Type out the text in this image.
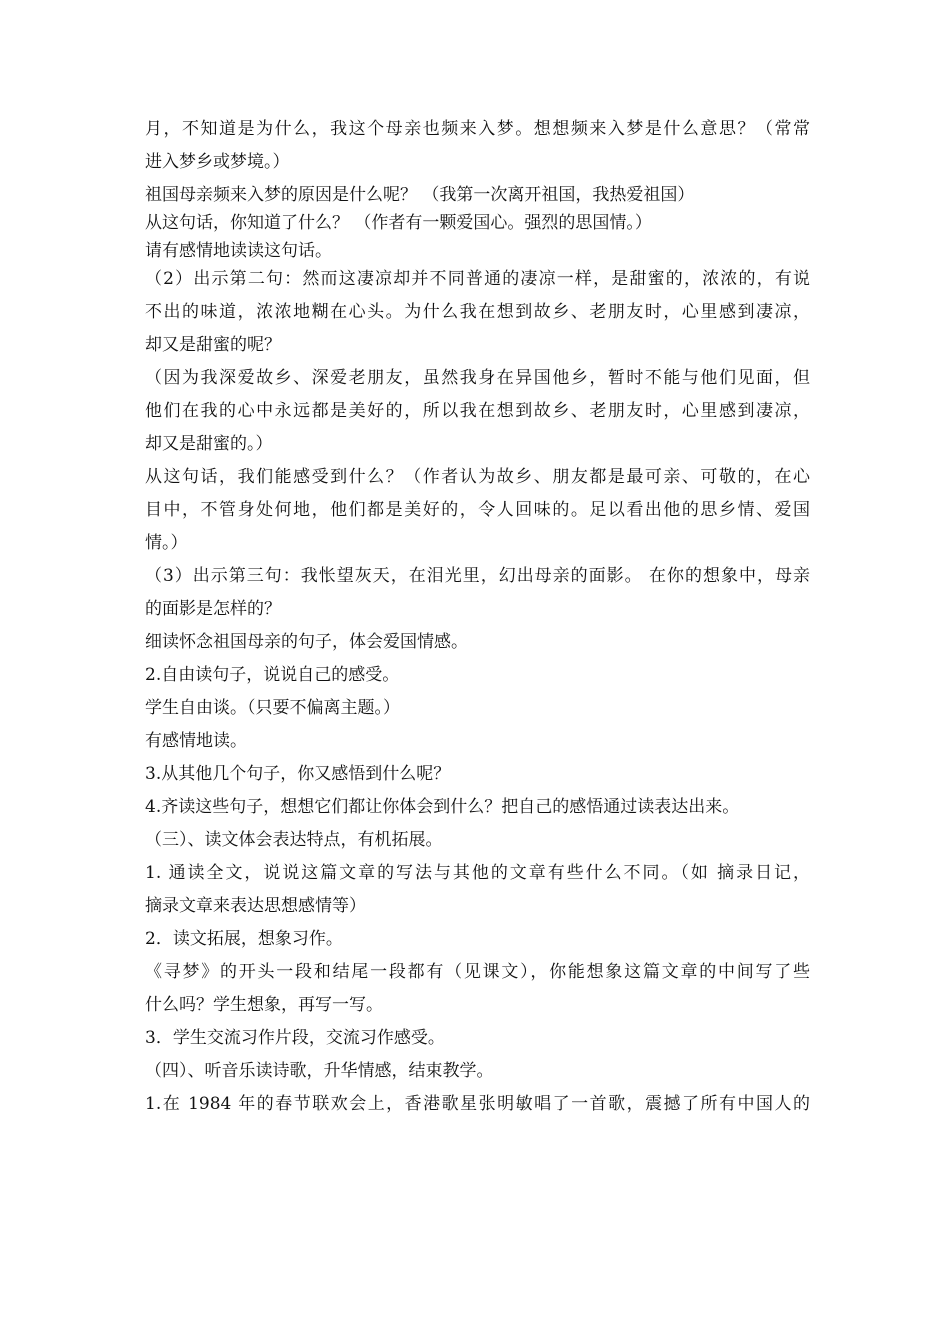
月，不知道是为什么，我这个母亲也频来入梦。想想频来入梦是什么意思？（常常
进入梦乡或梦境。）
祖国母亲频来入梦的原因是什么呢？ （我第一次离开祖国，我热爱祖国）
从这句话，你知道了什么？ （作者有一颗爱国心。强烈的思国情。）
请有感情地读读这句话。
（2）出示第二句：然而这凄凉却并不同普通的凄凉一样，是甜蜜的，浓浓的，有说
不出的味道，浓浓地糊在心头。为什么我在想到故乡、老朋友时，心里感到凄凉，
却又是甜蜜的呢？
（因为我深爱故乡、深爱老朋友，虽然我身在异国他乡，暂时不能与他们见面，但
他们在我的心中永远都是美好的，所以我在想到故乡、老朋友时，心里感到凄凉，
却又是甜蜜的。）
从这句话，我们能感受到什么？（作者认为故乡、朋友都是最可亲、可敬的，在心
目中，不管身处何地，他们都是美好的，令人回味的。足以看出他的思乡情、爱国
情。）
（3）出示第三句：我怅望灰天，在泪光里，幻出母亲的面影。 在你的想象中，母亲
的面影是怎样的？
细读怀念祖国母亲的句子，体会爱国情感。
2.自由读句子，说说自己的感受。
学生自由谈。（只要不偏离主题。）
有感情地读。
3.从其他几个句子，你又感悟到什么呢？
4.齐读这些句子，想想它们都让你体会到什么？把自己的感悟通过读表达出来。
（三）、读文体会表达特点，有机拓展。
1. 通读全文，说说这篇文章的写法与其他的文章有些什么不同。（如 摘录日记，
摘录文章来表达思想感情等）
2．读文拓展，想象习作。
《寻梦》的开头一段和结尾一段都有（见课文），你能想象这篇文章的中间写了些
什么吗？学生想象，再写一写。
3．学生交流习作片段，交流习作感受。
（四）、听音乐读诗歌，升华情感，结束教学。
1.在 1984 年的春节联欢会上，香港歌星张明敏唱了一首歌，震撼了所有中国人的
